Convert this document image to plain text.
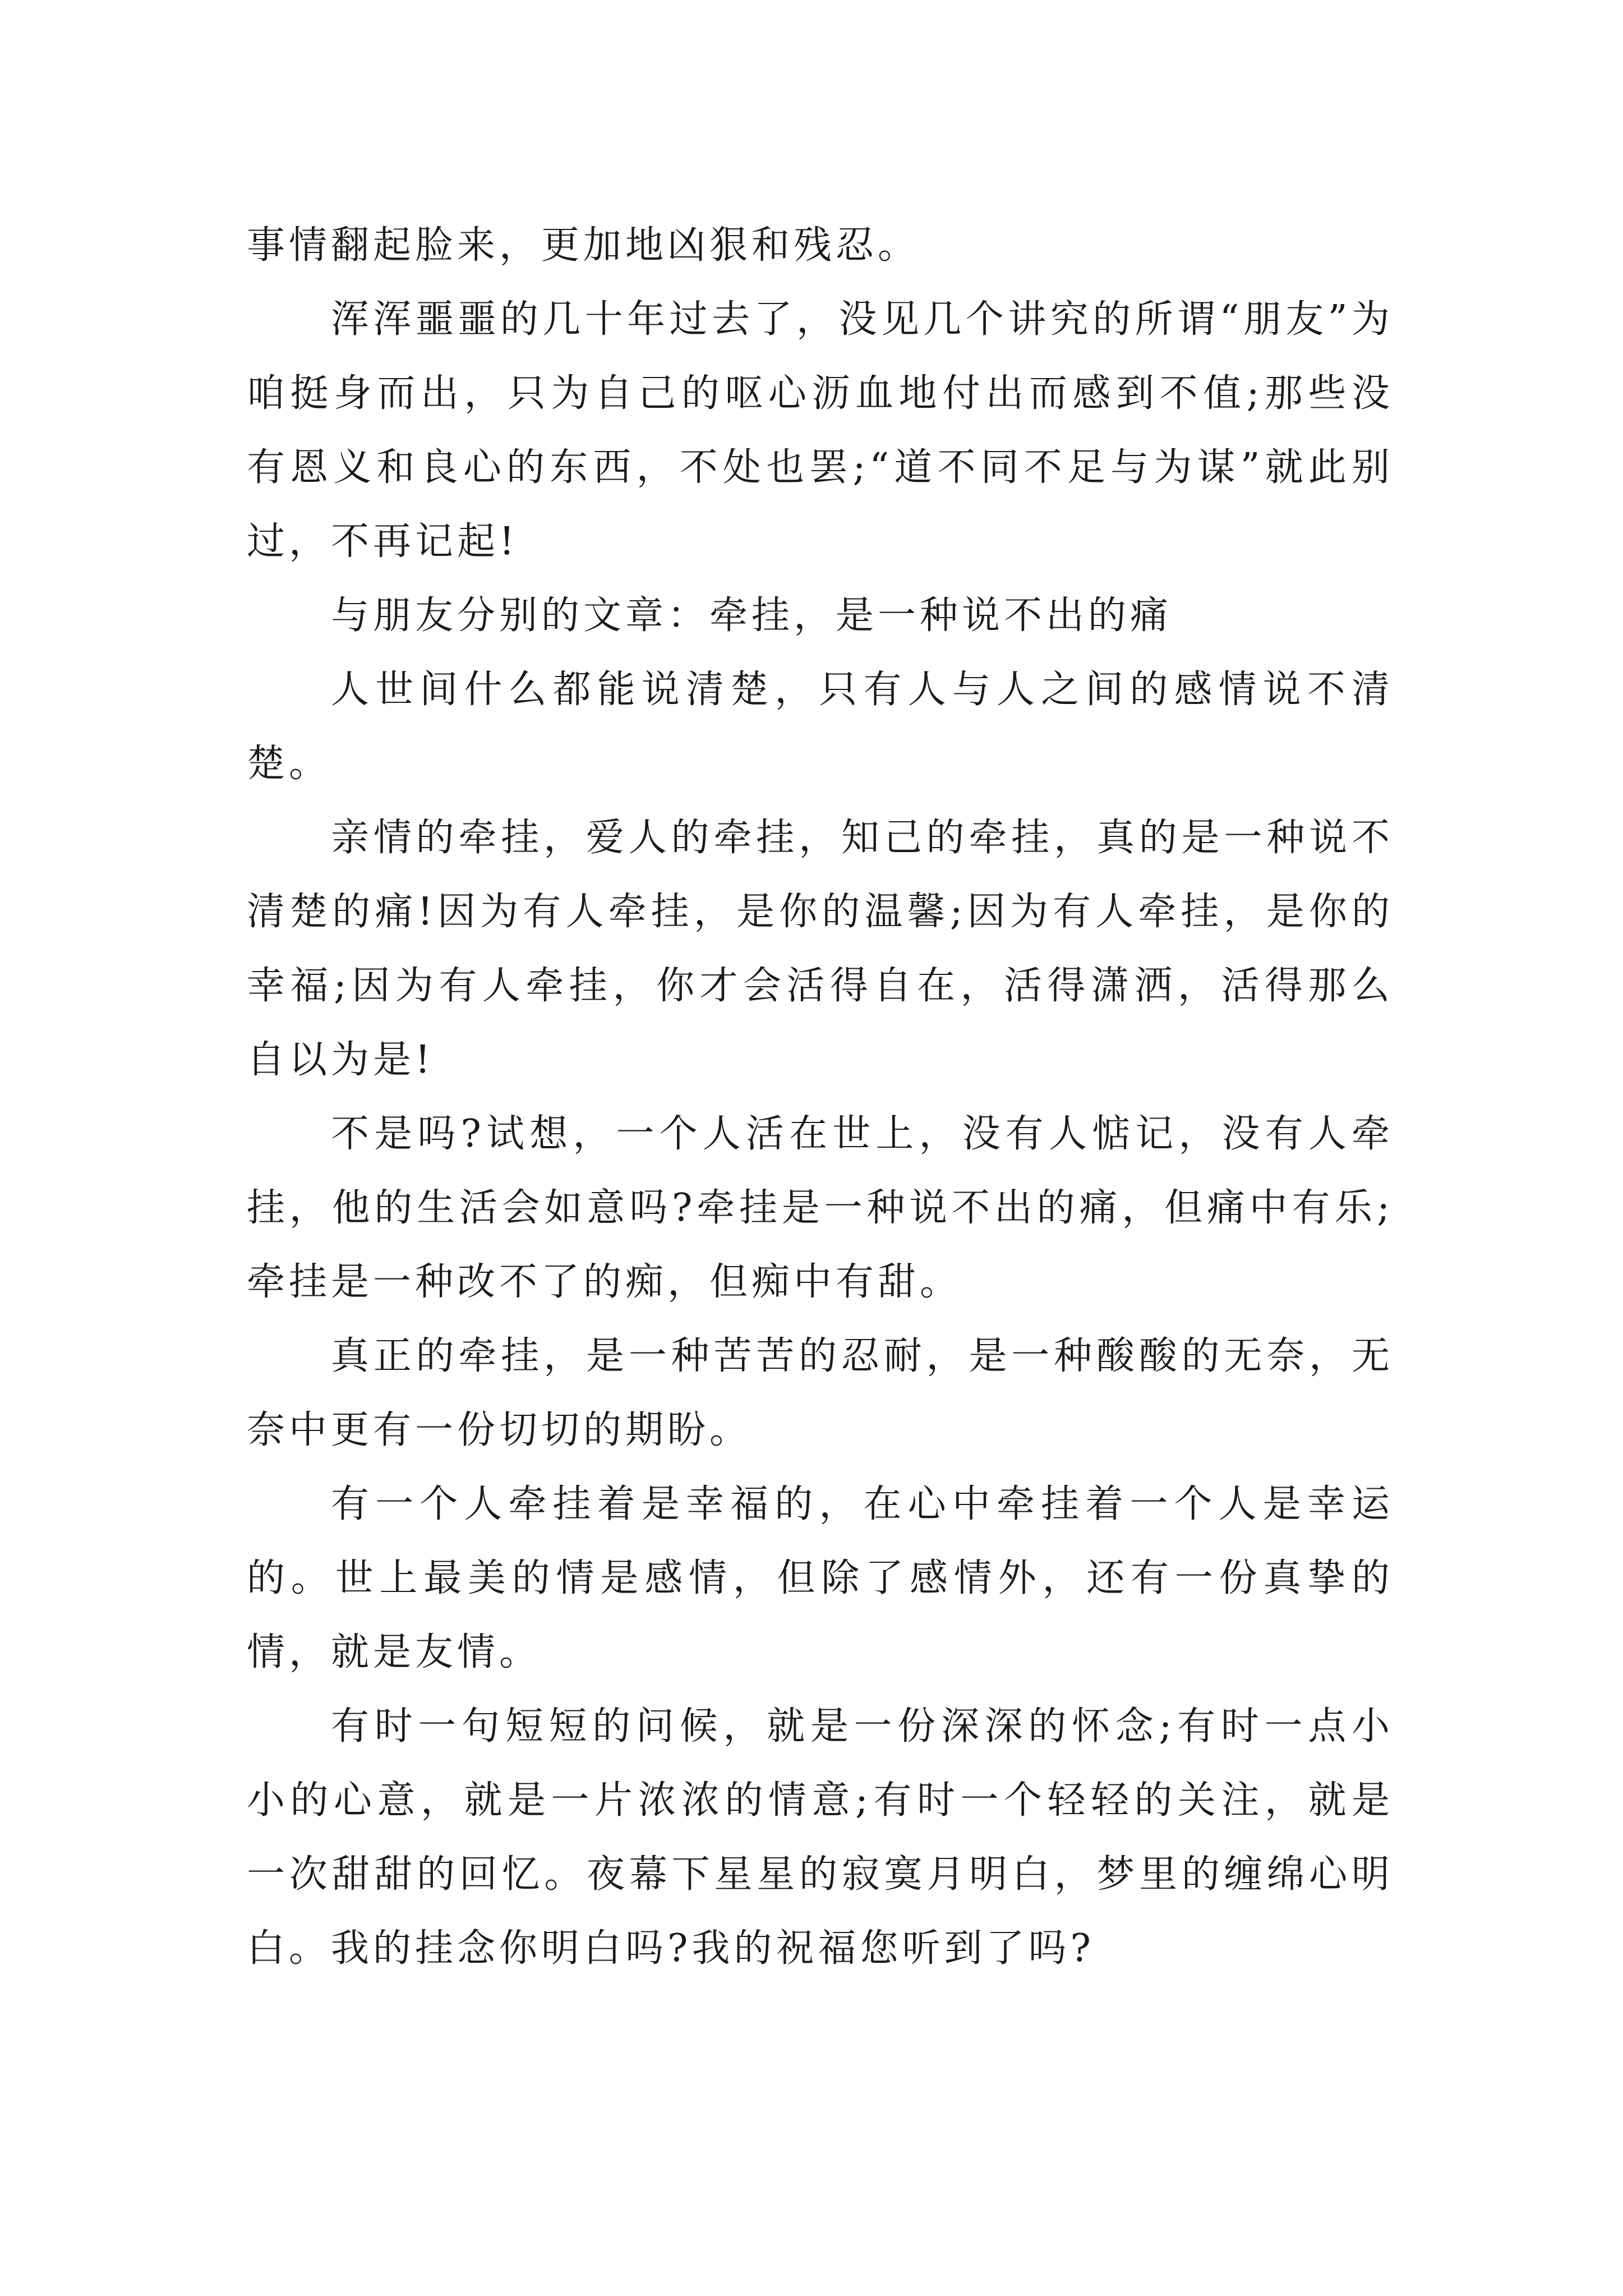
事情翻起脸来，更加地凶狠和残忍。

浑浑噩噩的几十年过去了，没见几个讲究的所谓“朋友”为咱挺身而出，只为自己的呕心沥血地付出而感到不值;那些没有恩义和良心的东西，不处也罢;“道不同不足与为谋”就此别过，不再记起!

与朋友分别的文章：牵挂，是一种说不出的痛

人世间什么都能说清楚，只有人与人之间的感情说不清楚。

亲情的牵挂，爱人的牵挂，知己的牵挂，真的是一种说不清楚的痛!因为有人牵挂，是你的温馨;因为有人牵挂，是你的幸福;因为有人牵挂，你才会活得自在，活得潇洒，活得那么自以为是!

不是吗?试想，一个人活在世上，没有人惦记，没有人牵挂，他的生活会如意吗?牵挂是一种说不出的痛，但痛中有乐;牵挂是一种改不了的痴，但痴中有甜。

真正的牵挂，是一种苦苦的忍耐，是一种酸酸的无奈，无奈中更有一份切切的期盼。

有一个人牵挂着是幸福的，在心中牵挂着一个人是幸运的。世上最美的情是感情，但除了感情外，还有一份真挚的情，就是友情。

有时一句短短的问候，就是一份深深的怀念;有时一点小小的心意，就是一片浓浓的情意;有时一个轻轻的关注，就是一次甜甜的回忆。夜幕下星星的寂寞月明白，梦里的缠绵心明白。我的挂念你明白吗?我的祝福您听到了吗?
